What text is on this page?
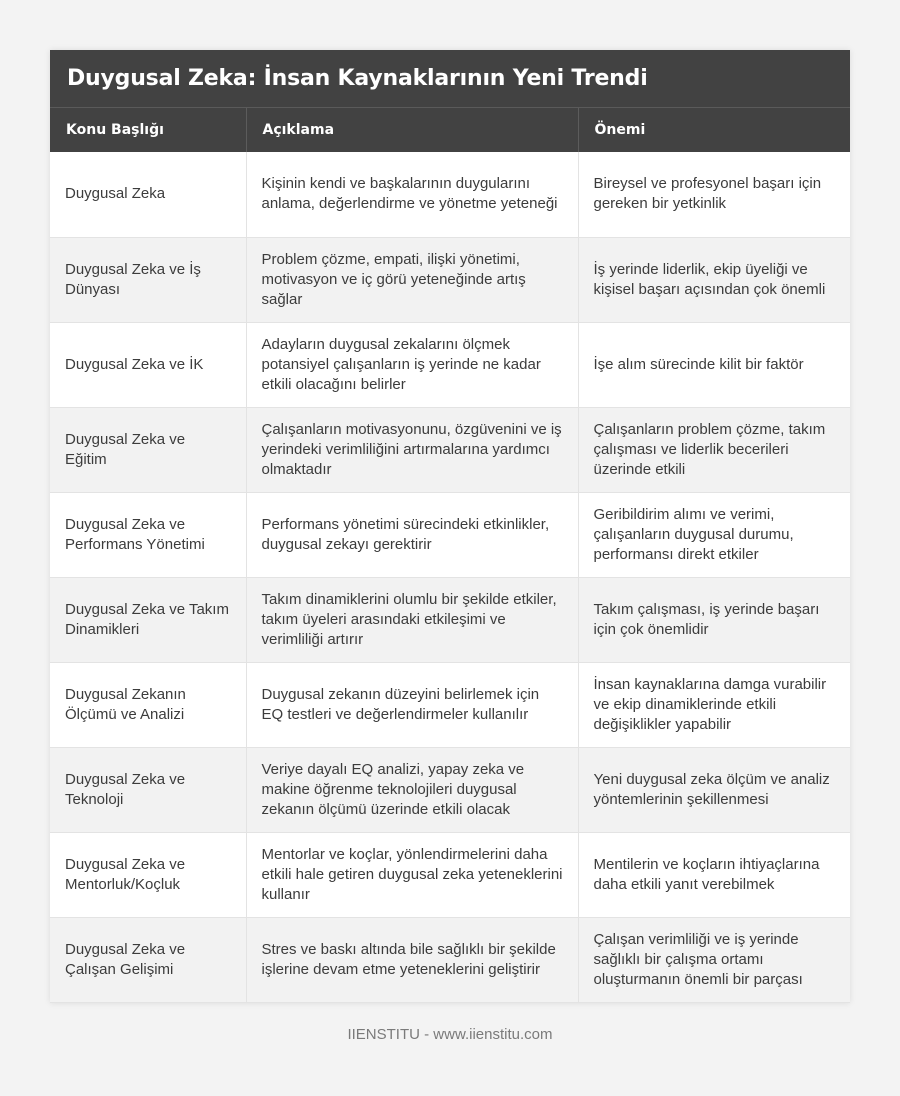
Duygusal Zeka: İnsan Kaynaklarının Yeni Trendi
Konu Başlığı	Açıklama	Önemi
Duygusal Zeka	Kişinin kendi ve başkalarının duygularını anlama, değerlendirme ve yönetme yeteneği	Bireysel ve profesyonel başarı için gereken bir yetkinlik
Duygusal Zeka ve İş Dünyası	Problem çözme, empati, ilişki yönetimi, motivasyon ve iç görü yeteneğinde artış sağlar	İş yerinde liderlik, ekip üyeliği ve kişisel başarı açısından çok önemli
Duygusal Zeka ve İK	Adayların duygusal zekalarını ölçmek potansiyel çalışanların iş yerinde ne kadar etkili olacağını belirler	İşe alım sürecinde kilit bir faktör
Duygusal Zeka ve Eğitim	Çalışanların motivasyonunu, özgüvenini ve iş yerindeki verimliliğini artırmalarına yardımcı olmaktadır	Çalışanların problem çözme, takım çalışması ve liderlik becerileri üzerinde etkili
Duygusal Zeka ve Performans Yönetimi	Performans yönetimi sürecindeki etkinlikler, duygusal zekayı gerektirir	Geribildirim alımı ve verimi, çalışanların duygusal durumu, performansı direkt etkiler
Duygusal Zeka ve Takım Dinamikleri	Takım dinamiklerini olumlu bir şekilde etkiler, takım üyeleri arasındaki etkileşimi ve verimliliği artırır	Takım çalışması, iş yerinde başarı için çok önemlidir
Duygusal Zekanın Ölçümü ve Analizi	Duygusal zekanın düzeyini belirlemek için EQ testleri ve değerlendirmeler kullanılır	İnsan kaynaklarına damga vurabilir ve ekip dinamiklerinde etkili değişiklikler yapabilir
Duygusal Zeka ve Teknoloji	Veriye dayalı EQ analizi, yapay zeka ve makine öğrenme teknolojileri duygusal zekanın ölçümü üzerinde etkili olacak	Yeni duygusal zeka ölçüm ve analiz yöntemlerinin şekillenmesi
Duygusal Zeka ve Mentorluk/Koçluk	Mentorlar ve koçlar, yönlendirmelerini daha etkili hale getiren duygusal zeka yeteneklerini kullanır	Mentilerin ve koçların ihtiyaçlarına daha etkili yanıt verebilmek
Duygusal Zeka ve Çalışan Gelişimi	Stres ve baskı altında bile sağlıklı bir şekilde işlerine devam etme yeteneklerini geliştirir	Çalışan verimliliği ve iş yerinde sağlıklı bir çalışma ortamı oluşturmanın önemli bir parçası
IIENSTITU - www.iienstitu.com
